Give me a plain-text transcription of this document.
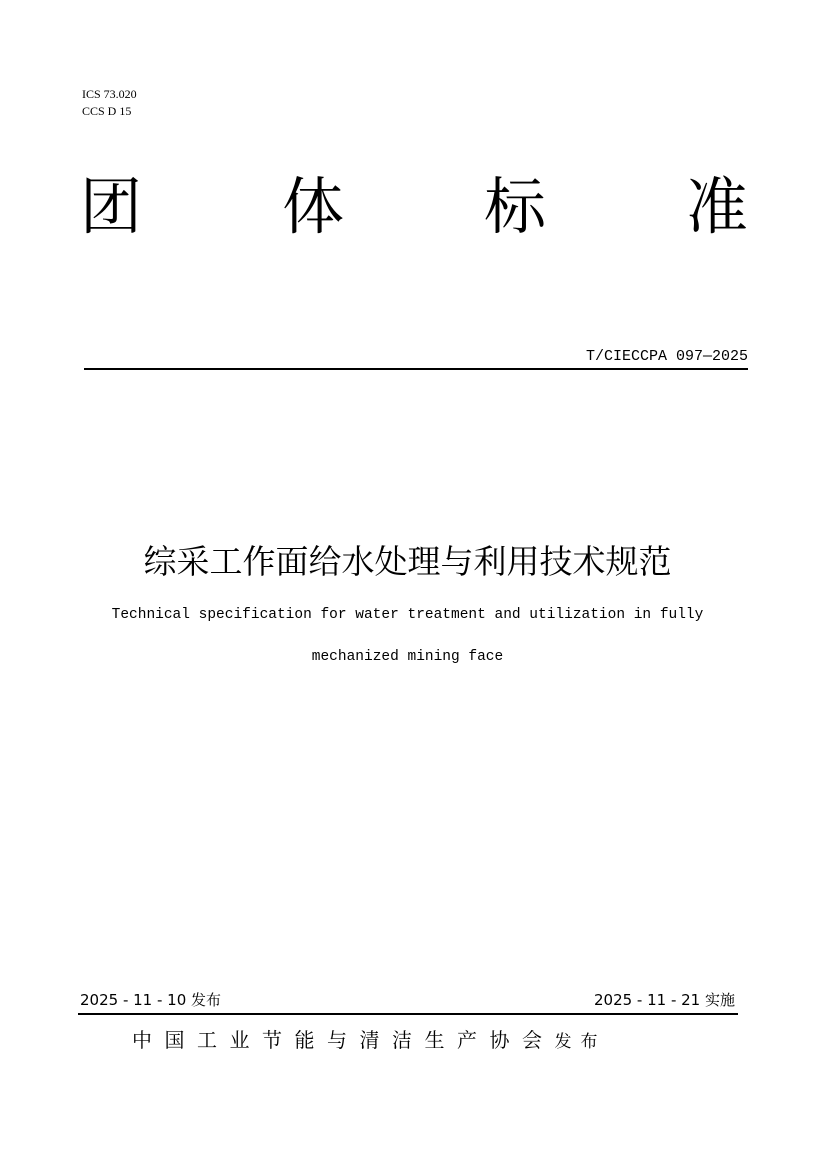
ICS 73.020
CCS D 15
团 体 标 准
T/CIECCPA 097—2025
综采工作面给水处理与利用技术规范
Technical specification for water treatment and utilization in fully
mechanized mining face
2025 - 11 - 10 发布	2025 - 11 - 21 实施
中国工业节能与清洁生产协会发布
